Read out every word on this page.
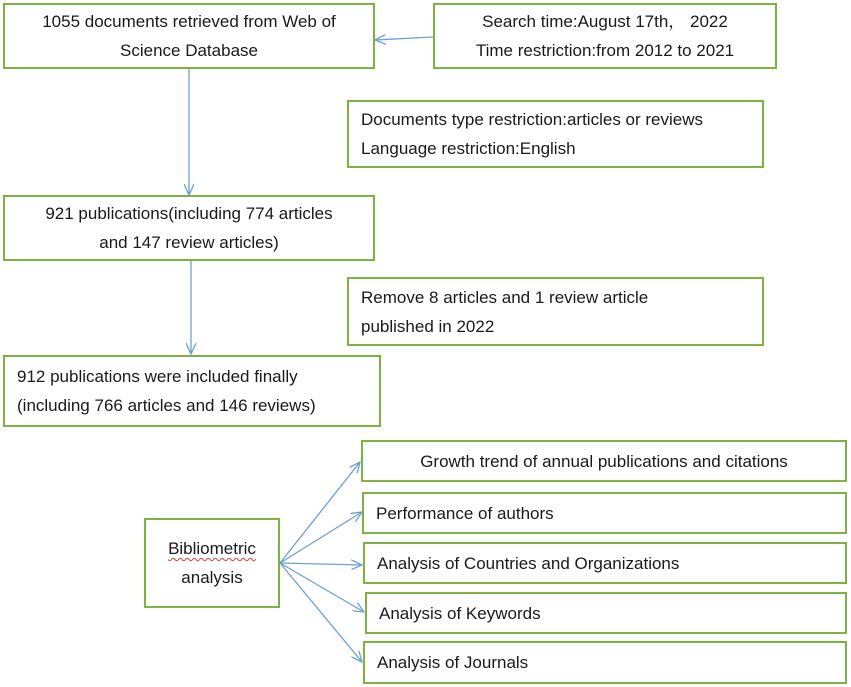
1055 documents retrieved from Web of
Science Database
Search time:August 17th， 2022
Time restriction:from 2012 to 2021
Documents type restriction:articles or reviews
Language restriction:English
921 publications(including 774 articles
and 147 review articles)
Remove 8 articles and 1 review article
published in 2022
912 publications were included finally
(including 766 articles and 146 reviews)
Bibliometric
analysis
Growth trend of annual publications and citations
Performance of authors
Analysis of Countries and Organizations
Analysis of Keywords
Analysis of Journals
